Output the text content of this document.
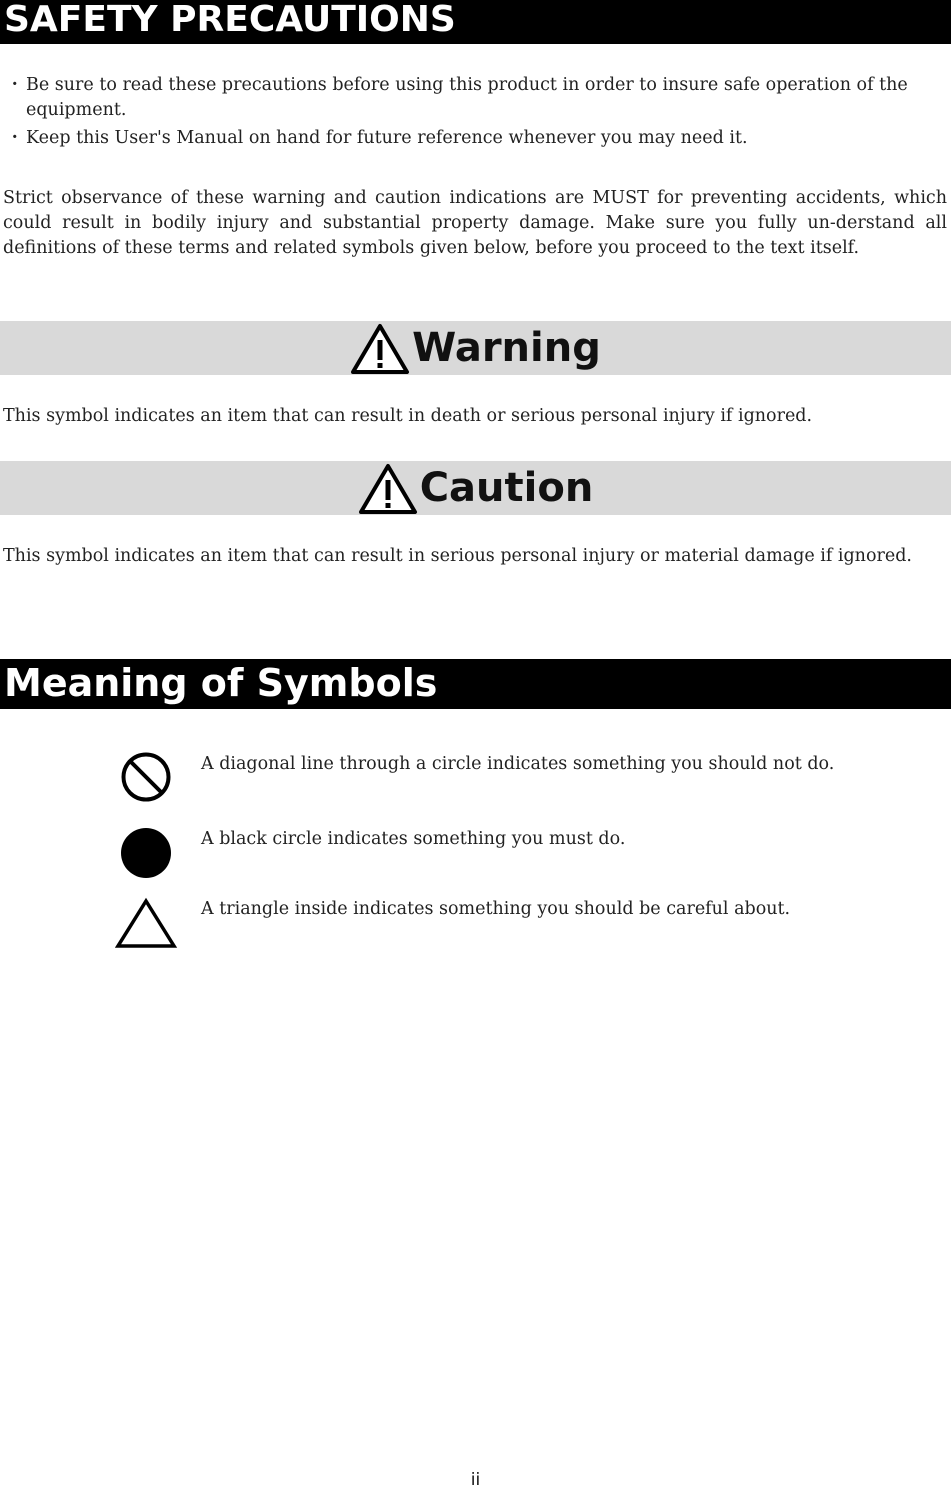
SAFETY PRECAUTIONS
・ Be sure to read these precautions before using this product in order to insure safe operation of the equipment.
・ Keep this User's Manual on hand for future reference whenever you may need it.

Strict observance of these warning and caution indications are MUST for preventing accidents, which could result in bodily injury and substantial property damage. Make sure you fully un-derstand all definitions of these terms and related symbols given below, before you proceed to the text itself.

Warning

This symbol indicates an item that can result in death or serious personal injury if ignored.

Caution

This symbol indicates an item that can result in serious personal injury or material damage if ignored.

Meaning of Symbols
A diagonal line through a circle indicates something you should not do.
A black circle indicates something you must do.
A triangle inside indicates something you should be careful about.
ii
